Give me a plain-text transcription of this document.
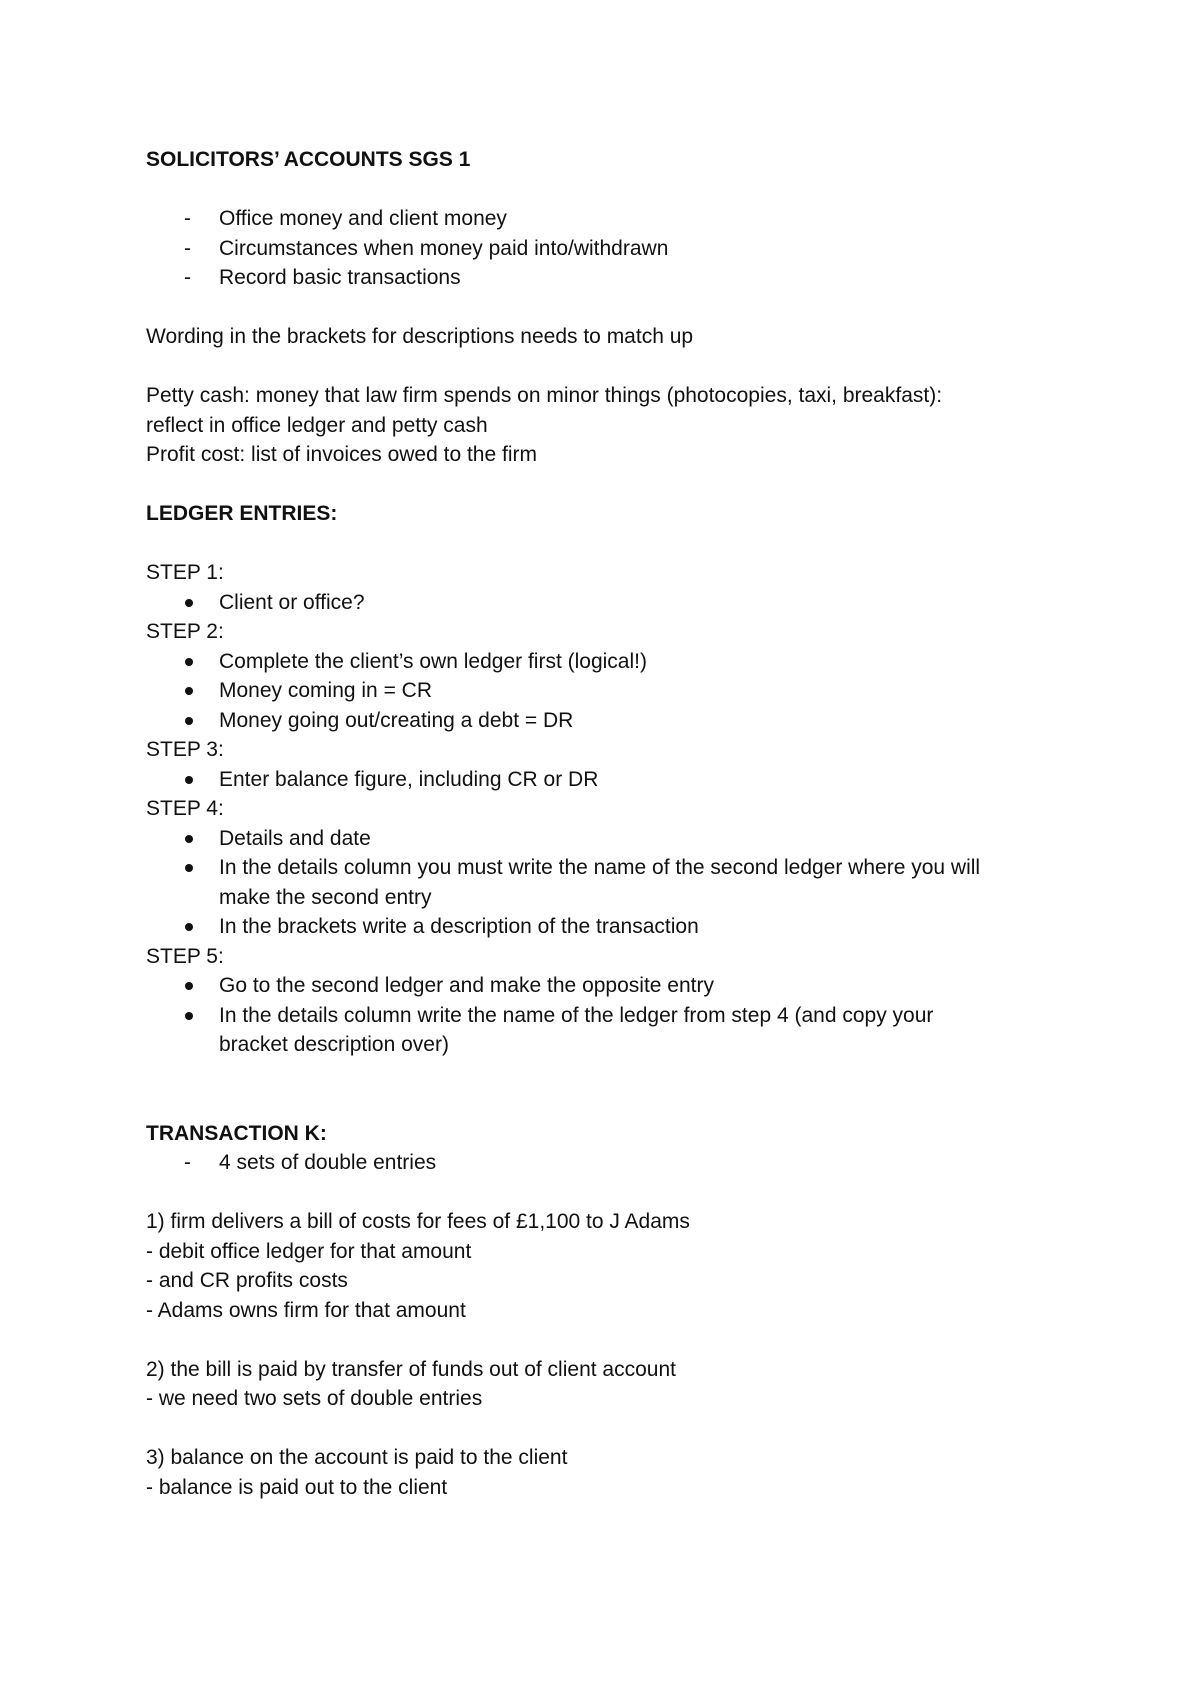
SOLICITORS’ ACCOUNTS SGS 1
- Office money and client money
- Circumstances when money paid into/withdrawn
- Record basic transactions
Wording in the brackets for descriptions needs to match up
Petty cash: money that law firm spends on minor things (photocopies, taxi, breakfast):
reflect in office ledger and petty cash
Profit cost: list of invoices owed to the firm
LEDGER ENTRIES:
STEP 1:
Client or office?
STEP 2:
Complete the client’s own ledger first (logical!)
Money coming in = CR
Money going out/creating a debt = DR
STEP 3:
Enter balance figure, including CR or DR
STEP 4:
Details and date
In the details column you must write the name of the second ledger where you will make the second entry
In the brackets write a description of the transaction
STEP 5:
Go to the second ledger and make the opposite entry
In the details column write the name of the ledger from step 4 (and copy your bracket description over)
TRANSACTION K:
- 4 sets of double entries
1) firm delivers a bill of costs for fees of £1,100 to J Adams
- debit office ledger for that amount
- and CR profits costs
- Adams owns firm for that amount
2) the bill is paid by transfer of funds out of client account
- we need two sets of double entries
3) balance on the account is paid to the client
- balance is paid out to the client
